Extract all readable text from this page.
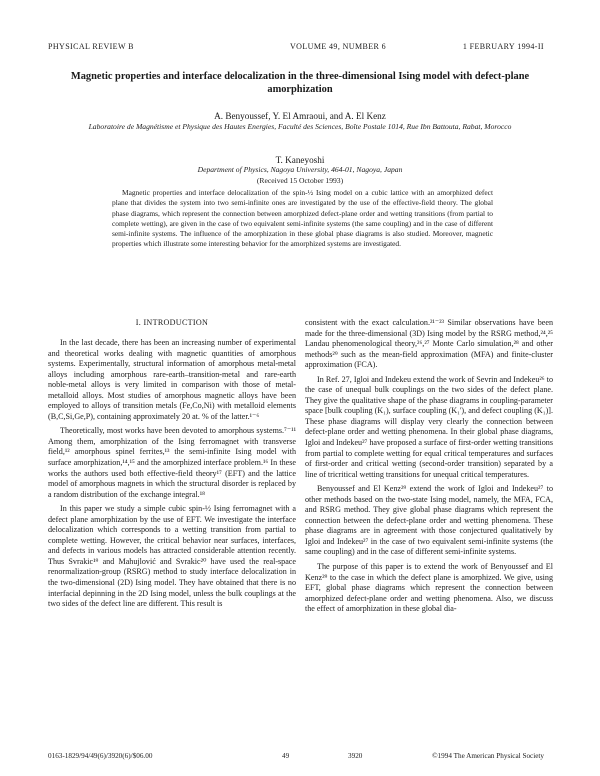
PHYSICAL REVIEW B	VOLUME 49, NUMBER 6	1 FEBRUARY 1994-II
Magnetic properties and interface delocalization in the three-dimensional Ising model with defect-plane amorphization
A. Benyoussef, Y. El Amraoui, and A. El Kenz
Laboratoire de Magnétisme et Physique des Hautes Energies, Faculté des Sciences, Boîte Postale 1014, Rue Ibn Battouta, Rabat, Morocco
T. Kaneyoshi
Department of Physics, Nagoya University, 464-01, Nagoya, Japan
(Received 15 October 1993)

Magnetic properties and interface delocalization of the spin-½ Ising model on a cubic lattice with an amorphized defect plane that divides the system into two semi-infinite ones are investigated by the use of the effective-field theory. The global phase diagrams, which represent the connection between amorphized defect-plane order and wetting transitions (from partial to complete wetting), are given in the case of two equivalent semi-infinite systems (the same coupling) and in the case of different semi-infinite systems. The influence of the amorphization in these global phase diagrams is also studied. Moreover, magnetic properties which illustrate some interesting behavior for the amorphized systems are investigated.

I. INTRODUCTION

In the last decade, there has been an increasing number of experimental and theoretical works dealing with magnetic quantities of amorphous systems. Experimentally, structural information of amorphous metal-metal alloys including amorphous rare-earth–transition-metal and rare-earth noble-metal alloys is very limited in comparison with those of metal-metalloid alloys. Most studies of amorphous magnetic alloys have been employed to alloys of transition metals (Fe,Co,Ni) with metalloid elements (B,C,Si,Ge,P), containing approximately 20 at. % of the latter.¹⁻⁶

Theoretically, most works have been devoted to amorphous systems.⁷⁻¹¹ Among them, amorphization of the Ising ferromagnet with transverse field,¹² amorphous spinel ferrites,¹³ the semi-infinite Ising model with surface amorphization,¹⁴,¹⁵ and the amorphized interface problem.¹⁶ In these works the authors used both effective-field theory¹⁷ (EFT) and the lattice model of amorphous magnets in which the structural disorder is replaced by a random distribution of the exchange integral.¹⁸

In this paper we study a simple cubic spin-½ Ising ferromagnet with a defect plane amorphization by the use of EFT. We investigate the interface delocalization which corresponds to a wetting transition from partial to complete wetting. However, the critical behavior near surfaces, interfaces, and defects in various models has attracted considerable attention recently. Thus Svrakic¹⁹ and Mahujlović and Svrakic²⁰ have used the real-space renormalization-group (RSRG) method to study interface delocalization in the two-dimensional (2D) Ising model. They have obtained that there is no interfacial depinning in the 2D Ising model, unless the bulk couplings at the two sides of the defect line are different. This result is

consistent with the exact calculation.²¹⁻²³ Similar observations have been made for the three-dimensional (3D) Ising model by the RSRG method,²⁴,²⁵ Landau phenomenological theory,²⁶,²⁷ Monte Carlo simulation,²⁸ and other methods²⁹ such as the mean-field approximation (MFA) and finite-cluster approximation (FCA).

In Ref. 27, Igloi and Indekeu extend the work of Sevrin and Indekeu²⁶ to the case of unequal bulk couplings on the two sides of the defect plane. They give the qualitative shape of the phase diagrams in coupling-parameter space [bulk coupling (K₁), surface coupling (K₁'), and defect coupling (K₁)]. These phase diagrams will display very clearly the connection between defect-plane order and wetting phenomena. In their global phase diagrams, Igloi and Indekeu²⁷ have proposed a surface of first-order wetting transitions from partial to complete wetting for equal critical temperatures and surfaces of first-order and critical wetting (second-order transition) separated by a line of tricritical wetting transitions for unequal critical temperatures.

Benyoussef and El Kenz²⁹ extend the work of Igloi and Indekeu²⁷ to other methods based on the two-state Ising model, namely, the MFA, FCA, and RSRG method. They give global phase diagrams which represent the connection between the defect-plane order and wetting phenomena. These phase diagrams are in agreement with those conjectured qualitatively by Igloi and Indekeu²⁷ in the case of two equivalent semi-infinite systems (the same coupling) and in the case of different semi-infinite systems.

The purpose of this paper is to extend the work of Benyoussef and El Kenz²⁹ to the case in which the defect plane is amorphized. We give, using EFT, global phase diagrams which represent the connection between amorphized defect-plane order and wetting phenomena. Also, we discuss the effect of amorphization in these global dia-

0163-1829/94/49(6)/3920(6)/$06.00	49	3920	©1994 The American Physical Society
